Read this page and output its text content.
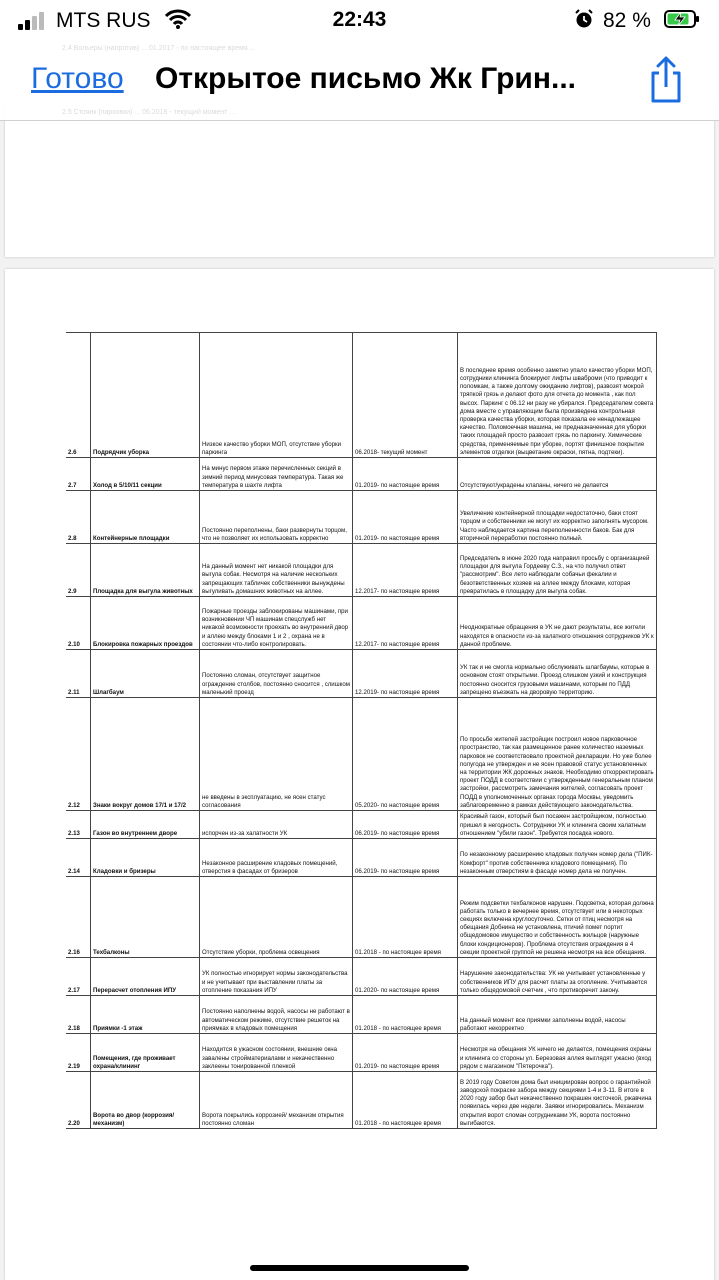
MTS RUS	22:43	82 %
2.4 Вольеры (напротив) ... 01.2017 - по настоящее время ...
2.5 Стоянк (парковки) ... 06.2018 - текущий момент ...
Готово Открытое письмо Жк Грин...
2.6	Подрядчик уборка	Низкое качество уборки МОП, отсутствие уборки паркинга	06.2018- текущий момент	В последнее время особенно заметно упало качество уборки МОП, сотрудники клининга блокируют лифты шваброми (что приводит к поломкам, а также долгому ожиданию лифтов), развозят мокрой тряпкой грязь и делают фото для отчета до момента , как пол высох. Паркинг с 06.12 ни разу не убирался. Председателем совета дома вместе с управляющим была произведена контрольная проверка качества уборки, которая показала ее ненадлежащее качество. Поломоечная машина, не предназначенная для уборки таких площадей просто развозит грязь по паркингу. Химические средства, применяемые при уборке, портят финишное покрытие элементов отделки (выцветание окраски, пятна, подтеки).
2.7	Холод в 5/10/11 секции	На минус первом этаже перечисленных секций в зимний период минусовая температура. Такая же температура в шахте лифта	01.2019- по настоящее время	Отсутствуют/украдены клапаны, ничего не делается
2.8	Контейнерные площадки	Постоянно переполнены, баки развернуты торцом, что не позволяет их использовать корректно	01.2019- по настоящее время	Увеличение контейнерной площадки недостаточно, баки стоят торцом и собственники не могут их корректно заполнять мусором. Часто наблюдается картина переполненности баков. Бак для вторичной переработки постоянно полный.
2.9	Площадка для выгула животных	На данный момент нет никакой площадки для выгула собак. Несмотря на наличие нескольких запрещающих табличек собственники вынуждены выгуливать домашних животных на аллее.	12.2017- по настоящее время	Председатель в июне 2020 года направил просьбу с организацией площадки для выгула Гордееву С.З., на что получил ответ "рассмотрим". Все лето наблюдали собачьи фекалии и безответственных хозяев на аллее между блоками, которая превратилась в площадку для выгула собак.
2.10	Блокировка пожарных проездов	Пожарные проезды заблокированы машинами, при возникновении ЧП машинам спецслужб нет никакой возможности проехать во внутренний двор и аллею между блоками 1 и 2 , охрана не в состоянии что-либо контролировать.	12.2017- по настоящее время	Неоднократные обращения в УК не дают результаты, все жители находятся в опасности из-за халатного отношения сотрудников УК к данной проблеме.
2.11	Шлагбаум	Постоянно сломан, отсутствует защитное ограждение столбов, постоянно сносится , слишком маленький проезд	12.2019- по настоящее время	УК так и не смогла нормально обслуживать шлагбаумы, которые в основном стоят открытыми. Проезд слишком узкий и конструкция постоянно сносится грузовыми машинами, которым по ПДД запрещено въезжать на дворовую территорию.
2.12	Знаки вокруг домов 17/1 и 17/2	не введены в эксплуатацию, не ясен статус согласования	05.2020- по настоящее время	По просьбе жителей застройщик построил новое парковочное пространство, так как размещенное ранее количество наземных парковок не соответствовало проектной декларации. Но уже более полугода не утвержден и не ясен правовой статус установленных на территории ЖК дорожных знаков. Необходимо откорректировать проект ПОДД в соответствии с утвержденным генеральным планом застройки, рассмотреть замечания жителей, согласовать проект ПОДД в уполномоченных органах города Москвы, уведомить заблаговременно в рамках действующего законодательства.
2.13	Газон во внутреннем дворе	испорчен из-за халатности УК	06.2019- по настоящее время	Красивый газон, который был посажен застройщиком, полностью пришел в негодность. Сотрудники УК и клининга своим халатным отношением "убили газон". Требуется посадка нового.
2.14	Кладовки и бризеры	Незаконное расширение кладовых помещений, отверстия в фасадах от бризеров	06.2019- по настоящее время	По незаконному расширению кладовых получен номер дела ("ПИК-Комфорт" против собственника кладового помещения). По незаконным отверстиям в фасаде номер дела не получен.
2.16	Техбалконы	Отсутствие уборки, проблема освещения	01.2018 - по настоящее время	Режим подсветки техбалконов нарушен. Подсветка, которая должна работать только в вечернее время, отсутствует или в некоторых секциях включена круглосуточно. Сетки от птиц несмотря на обещания Добнина не установлена, птичий помет портит общедомовое имущество и собственность жильцов (наружные блоки кондиционеров). Проблема отсутствия ограждения в 4 секции проектной группой не решена несмотря на все обещания.
2.17	Перерасчет отопления ИПУ	УК полностью игнорирует нормы законодательства и не учитывает при выставлении платы за отопление показания ИПУ	01.2020- по настоящее время	Нарушение законодательства: УК не учитывает установленные у собственников ИПУ для расчет платы за отопление. Учитывается только общедомовой счетчик , что противоречит закону.
2.18	Приямки -1 этаж	Постоянно наполнены водой, насосы не работают в автоматическом режиме, отсутствие решеток на приямках в кладовых помещения	01.2018 - по настоящее время	На данный момент все приямки заполнены водой, насосы работают некорректно
2.19	Помещения, где проживает охрана/клининг	Находится в ужасном состоянии, внешние окна завалены стройматериалами и некачественно заклеены тонированной пленкой	01.2019- по настоящее время	Несмотря на обещания УК ничего не делается, помещения охраны и клининга со стороны ул. Березовая аллея выглядят ужасно (вход рядом с магазином "Пятерочка").
2.20	Ворота во двор (коррозия/механизм)	Ворота покрылись коррозией/ механизм открытия постоянно сломан	01.2018 - по настоящее время	В 2019 году Советом дома был инициирован вопрос о гарантийной заводской покраске забора между секциями 1-4 и 3-11. В итоге в 2020 году забор был некачественно покрашен кисточкой, ржавчина появилась через две недели. Заявки игнорировались. Механизм открытия ворот сломан сотрудниками УК, ворота постоянно выгибаются.
